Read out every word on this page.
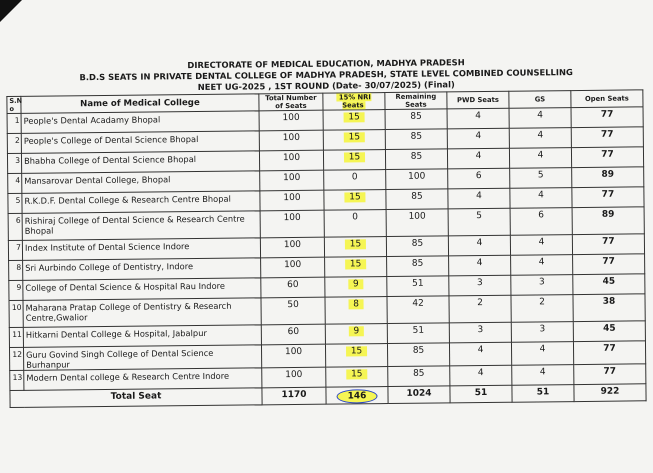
DIRECTORATE OF MEDICAL EDUCATION, MADHYA PRADESH
B.D.S SEATS IN PRIVATE DENTAL COLLEGE OF MADHYA PRADESH, STATE LEVEL COMBINED COUNSELLING
NEET UG-2025 , 1ST ROUND (Date- 30/07/2025) (Final)
S.N
o	Name of Medical College	Total Number of Seats	15% NRI Seats	Remaining Seats	PWD Seats	GS	Open Seats
1	People's Dental Acadamy Bhopal	100	15	85	4	4	77
2	People's College of Dental Science Bhopal	100	15	85	4	4	77
3	Bhabha College of Dental Science Bhopal	100	15	85	4	4	77
4	Mansarovar Dental College, Bhopal	100	0	100	6	5	89
5	R.K.D.F. Dental College & Research Centre Bhopal	100	15	85	4	4	77
6	Rishiraj College of Dental Science & Research Centre Bhopal	100	0	100	5	6	89
7	Index Institute of Dental Science Indore	100	15	85	4	4	77
8	Sri Aurbindo College of Dentistry, Indore	100	15	85	4	4	77
9	College of Dental Science & Hospital Rau Indore	60	9	51	3	3	45
10	Maharana Pratap College of Dentistry & Research Centre,Gwalior	50	8	42	2	2	38
11	Hitkarni Dental College & Hospital, Jabalpur	60	9	51	3	3	45
12	Guru Govind Singh College of Dental Science Burhanpur	100	15	85	4	4	77
13	Modern Dental college & Research Centre Indore	100	15	85	4	4	77
Total Seat		1170	146	1024	51	51	922
